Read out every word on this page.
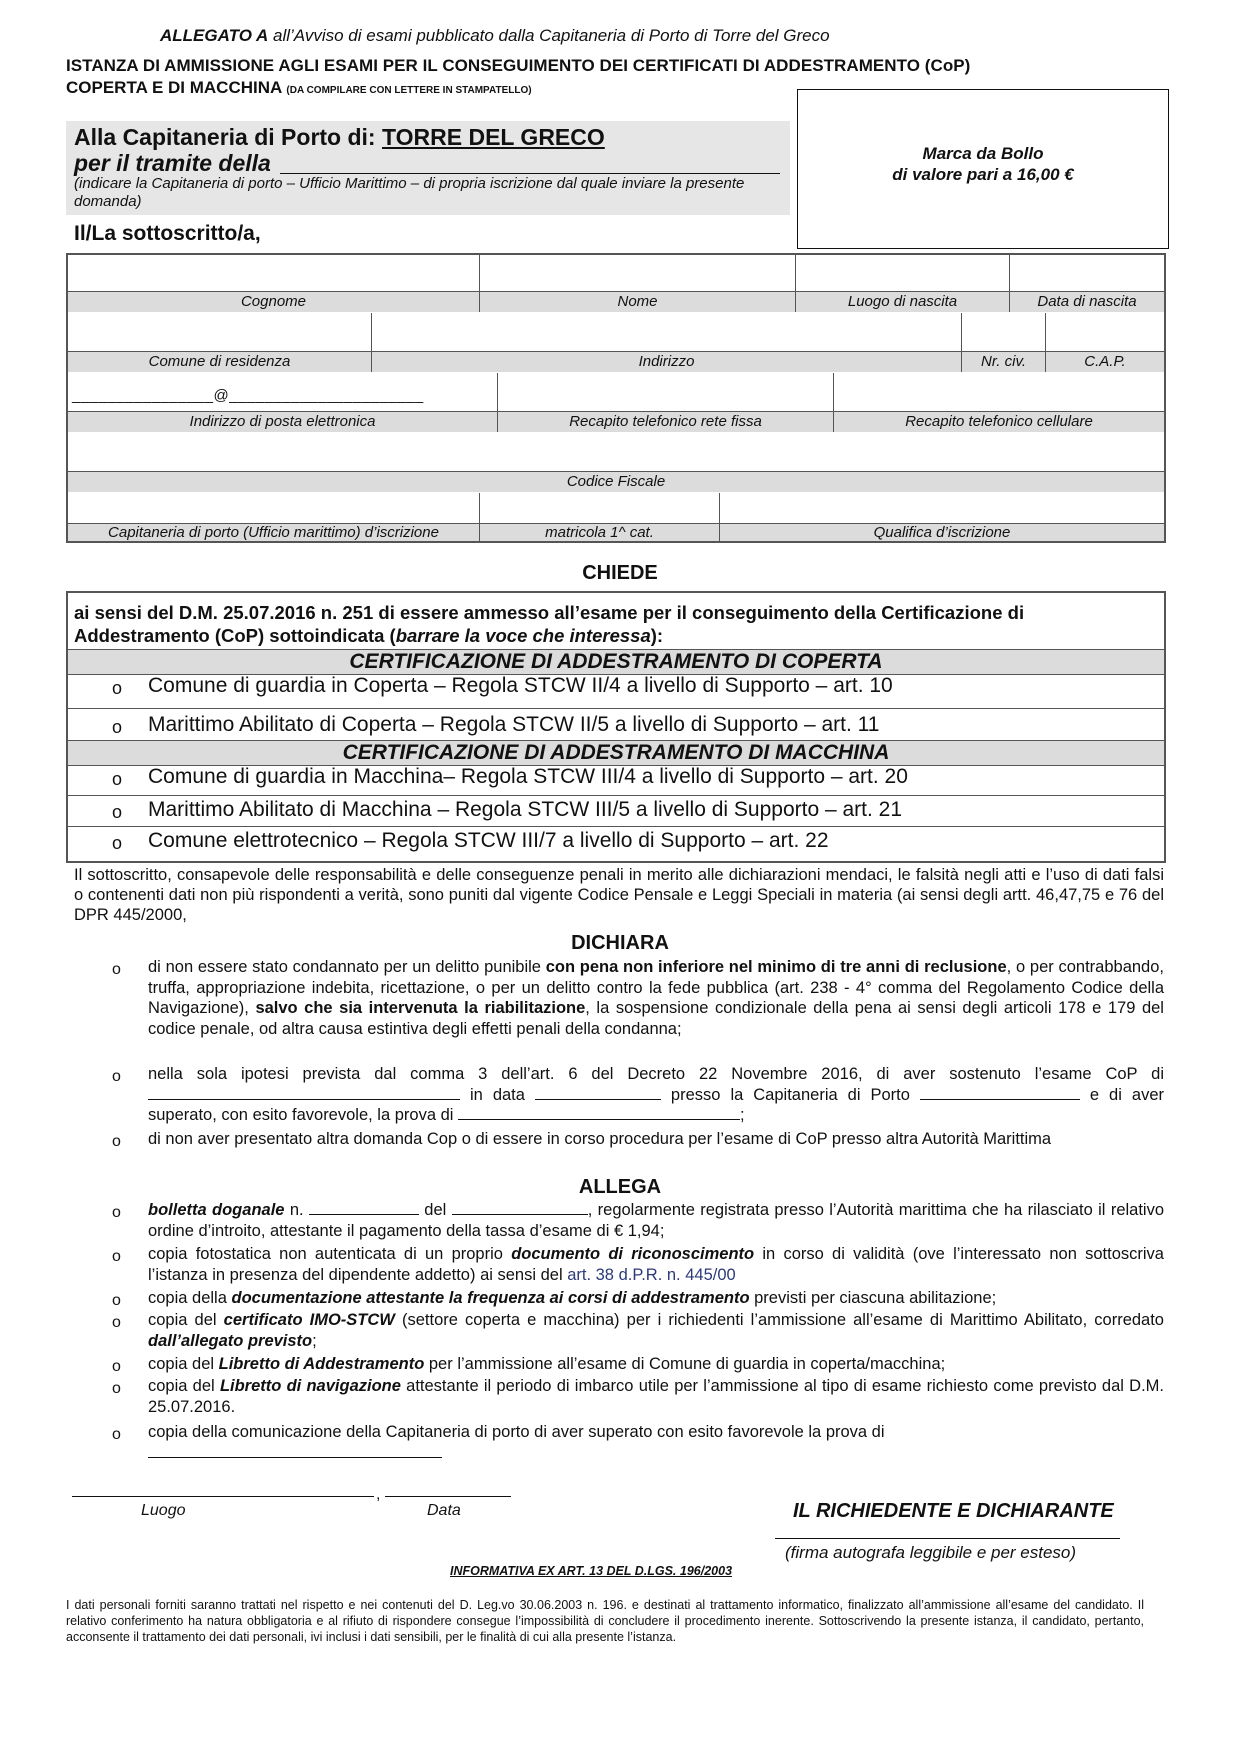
ALLEGATO A all’Avviso di esami pubblicato dalla Capitaneria di Porto di Torre del Greco
ISTANZA DI AMMISSIONE AGLI ESAMI PER IL CONSEGUIMENTO DEI CERTIFICATI DI ADDESTRAMENTO (CoP)
COPERTA E DI MACCHINA (DA COMPILARE CON LETTERE IN STAMPATELLO)
Alla Capitaneria di Porto di: TORRE DEL GRECO
per il tramite della
(indicare la Capitaneria di porto – Ufficio Marittimo – di propria iscrizione dal quale inviare la presente domanda)
Marca da Bollo
di valore pari a 16,00 €
Il/La sottoscritto/a,
Cognome	Nome	Luogo di nascita	Data di nascita
Comune di residenza	Indirizzo	Nr. civ.	C.A.P.
________________@______________________
Indirizzo di posta elettronica	Recapito telefonico rete fissa	Recapito telefonico cellulare
Codice Fiscale
Capitaneria di porto (Ufficio marittimo) d’iscrizione	matricola 1^ cat.	Qualifica d’iscrizione
CHIEDE
ai sensi del D.M. 25.07.2016 n. 251 di essere ammesso all’esame per il conseguimento della Certificazione di Addestramento (CoP) sottoindicata (barrare la voce che interessa):
CERTIFICAZIONE DI ADDESTRAMENTO DI COPERTA
o Comune di guardia in Coperta – Regola STCW II/4 a livello di Supporto – art. 10
o Marittimo Abilitato di Coperta – Regola STCW II/5 a livello di Supporto – art. 11
CERTIFICAZIONE DI ADDESTRAMENTO DI MACCHINA
o Comune di guardia in Macchina– Regola STCW III/4 a livello di Supporto – art. 20
o Marittimo Abilitato di Macchina – Regola STCW III/5 a livello di Supporto – art. 21
o Comune elettrotecnico – Regola STCW III/7 a livello di Supporto – art. 22
Il sottoscritto, consapevole delle responsabilità e delle conseguenze penali in merito alle dichiarazioni mendaci, le falsità negli atti e l’uso di dati falsi o contenenti dati non più rispondenti a verità, sono puniti dal vigente Codice Pensale e Leggi Speciali in materia (ai sensi degli artt. 46,47,75 e 76 del DPR 445/2000,
DICHIARA
o di non essere stato condannato per un delitto punibile con pena non inferiore nel minimo di tre anni di reclusione, o per contrabbando, truffa, appropriazione indebita, ricettazione, o per un delitto contro la fede pubblica (art. 238 - 4° comma del Regolamento Codice della Navigazione), salvo che sia intervenuta la riabilitazione, la sospensione condizionale della pena ai sensi degli articoli 178 e 179 del codice penale, od altra causa estintiva degli effetti penali della condanna;
o nella sola ipotesi prevista dal comma 3 dell’art. 6 del Decreto 22 Novembre 2016, di aver sostenuto l’esame CoP di  in data	presso la Capitaneria di Porto	e di aver superato, con esito favorevole, la prova di	;
o di non aver presentato altra domanda Cop o di essere in corso procedura per l’esame di CoP presso altra Autorità Marittima
ALLEGA
o bolletta doganale n.	del	, regolarmente registrata presso l’Autorità marittima che ha rilasciato il relativo ordine d’introito, attestante il pagamento della tassa d’esame di € 1,94;
o copia fotostatica non autenticata di un proprio documento di riconoscimento in corso di validità (ove l’interessato non sottoscriva l’istanza in presenza del dipendente addetto) ai sensi del art. 38 d.P.R. n. 445/00
o copia della documentazione attestante la frequenza ai corsi di addestramento previsti per ciascuna abilitazione;
o copia del certificato IMO-STCW (settore coperta e macchina) per i richiedenti l’ammissione all’esame di Marittimo Abilitato, corredato dall’allegato previsto;
o copia del Libretto di Addestramento per l’ammissione all’esame di Comune di guardia in coperta/macchina;
o copia del Libretto di navigazione attestante il periodo di imbarco utile per l’ammissione al tipo di esame richiesto come previsto dal D.M. 25.07.2016.
o copia della comunicazione della Capitaneria di porto di aver superato con esito favorevole la prova di

,
Luogo	Data	IL RICHIEDENTE E DICHIARANTE
(firma autografa leggibile e per esteso)
INFORMATIVA EX ART. 13 DEL D.LGS. 196/2003
I dati personali forniti saranno trattati nel rispetto e nei contenuti del D. Leg.vo 30.06.2003 n. 196. e destinati al trattamento informatico, finalizzato all’ammissione all’esame del candidato. Il relativo conferimento ha natura obbligatoria e al rifiuto di rispondere consegue l’impossibilità di concludere il procedimento inerente. Sottoscrivendo la presente istanza, il candidato, pertanto, acconsente il trattamento dei dati personali, ivi inclusi i dati sensibili, per le finalità di cui alla presente l’istanza.
